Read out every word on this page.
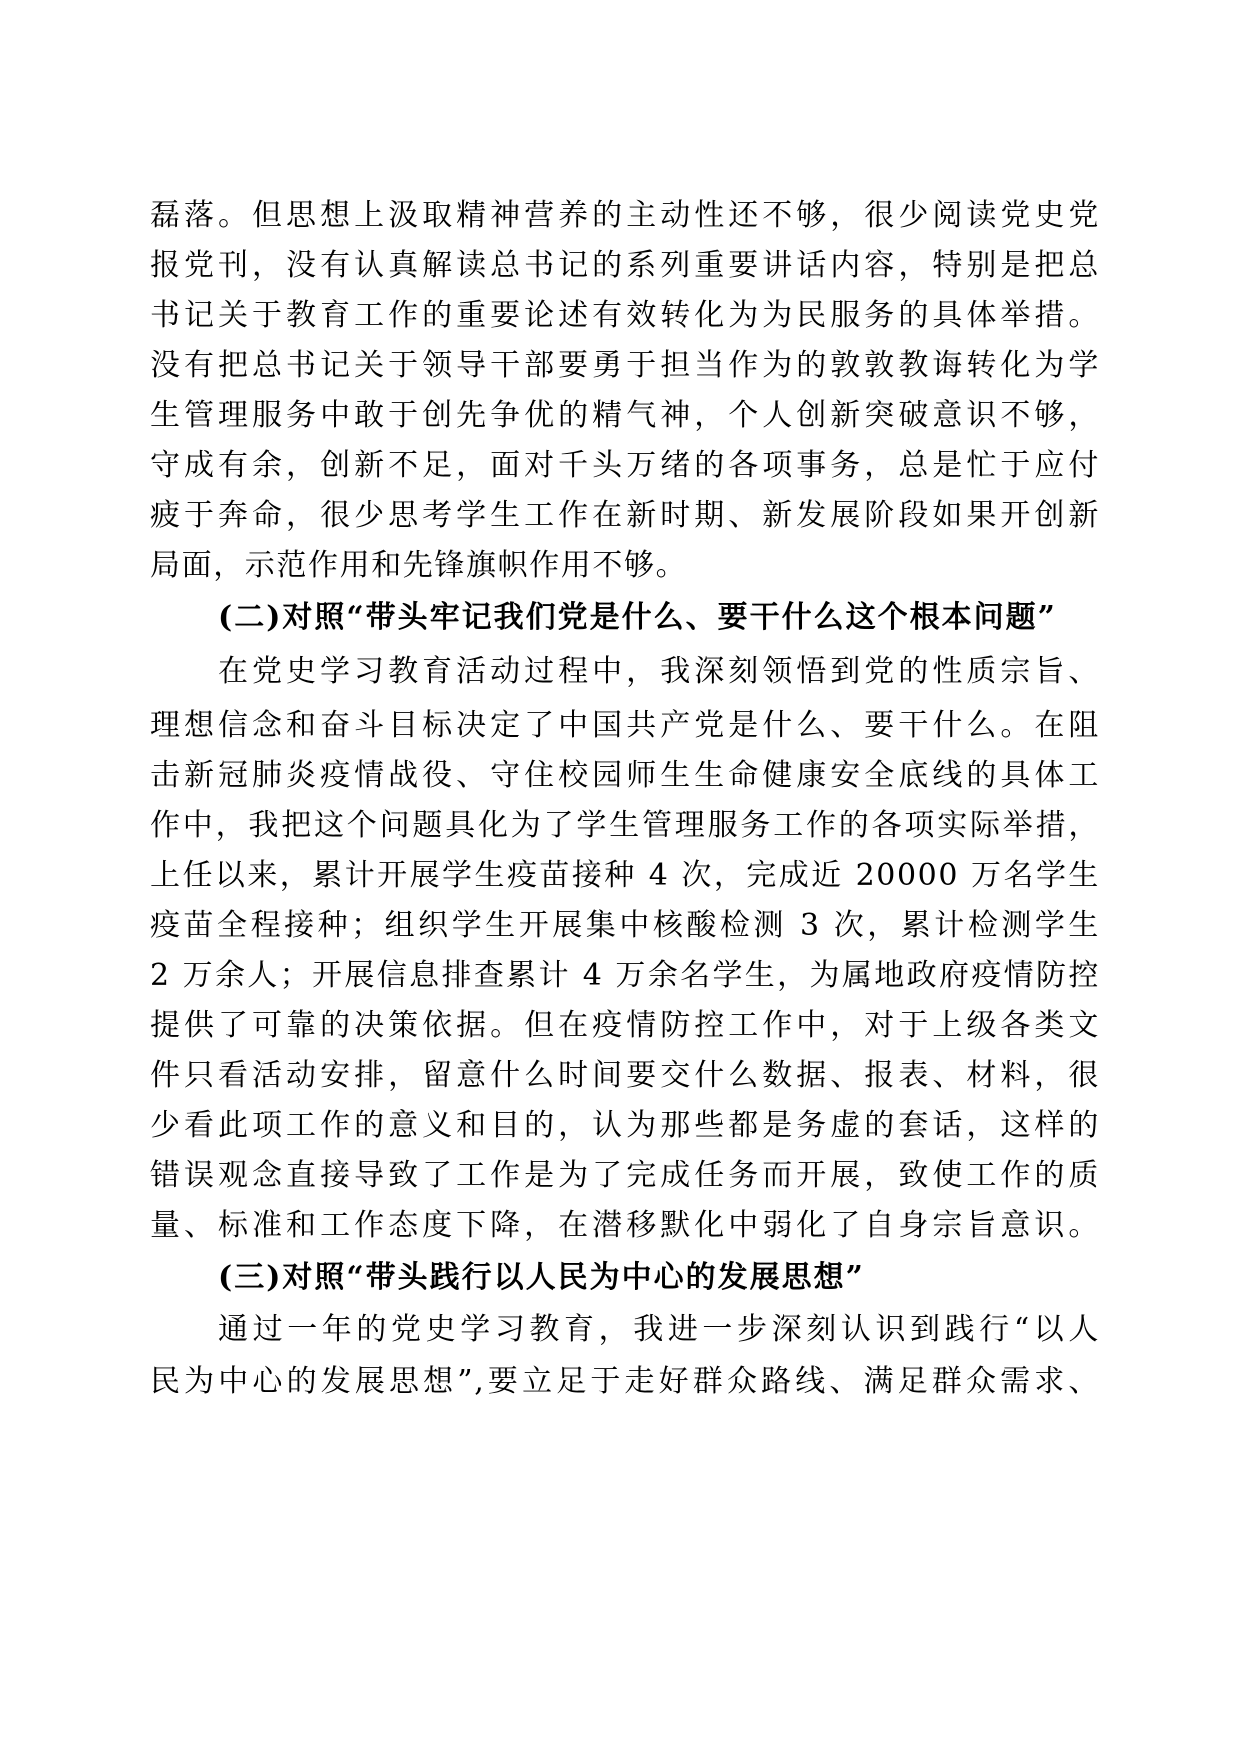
磊落。但思想上汲取精神营养的主动性还不够，很少阅读党史党
报党刊，没有认真解读总书记的系列重要讲话内容，特别是把总
书记关于教育工作的重要论述有效转化为为民服务的具体举措。
没有把总书记关于领导干部要勇于担当作为的敦敦教诲转化为学
生管理服务中敢于创先争优的精气神，个人创新突破意识不够，
守成有余，创新不足，面对千头万绪的各项事务，总是忙于应付
疲于奔命，很少思考学生工作在新时期、新发展阶段如果开创新
局面，示范作用和先锋旗帜作用不够。
(二)对照“带头牢记我们党是什么、要干什么这个根本问题”
在党史学习教育活动过程中，我深刻领悟到党的性质宗旨、
理想信念和奋斗目标决定了中国共产党是什么、要干什么。在阻
击新冠肺炎疫情战役、守住校园师生生命健康安全底线的具体工
作中，我把这个问题具化为了学生管理服务工作的各项实际举措，
上任以来，累计开展学生疫苗接种 4 次，完成近 20000 万名学生
疫苗全程接种；组织学生开展集中核酸检测 3 次，累计检测学生
2 万余人；开展信息排查累计 4 万余名学生，为属地政府疫情防控
提供了可靠的决策依据。但在疫情防控工作中，对于上级各类文
件只看活动安排，留意什么时间要交什么数据、报表、材料，很
少看此项工作的意义和目的，认为那些都是务虚的套话，这样的
错误观念直接导致了工作是为了完成任务而开展，致使工作的质
量、标准和工作态度下降，在潜移默化中弱化了自身宗旨意识。
(三)对照“带头践行以人民为中心的发展思想”
通过一年的党史学习教育，我进一步深刻认识到践行“以人
民为中心的发展思想”,要立足于走好群众路线、满足群众需求、
